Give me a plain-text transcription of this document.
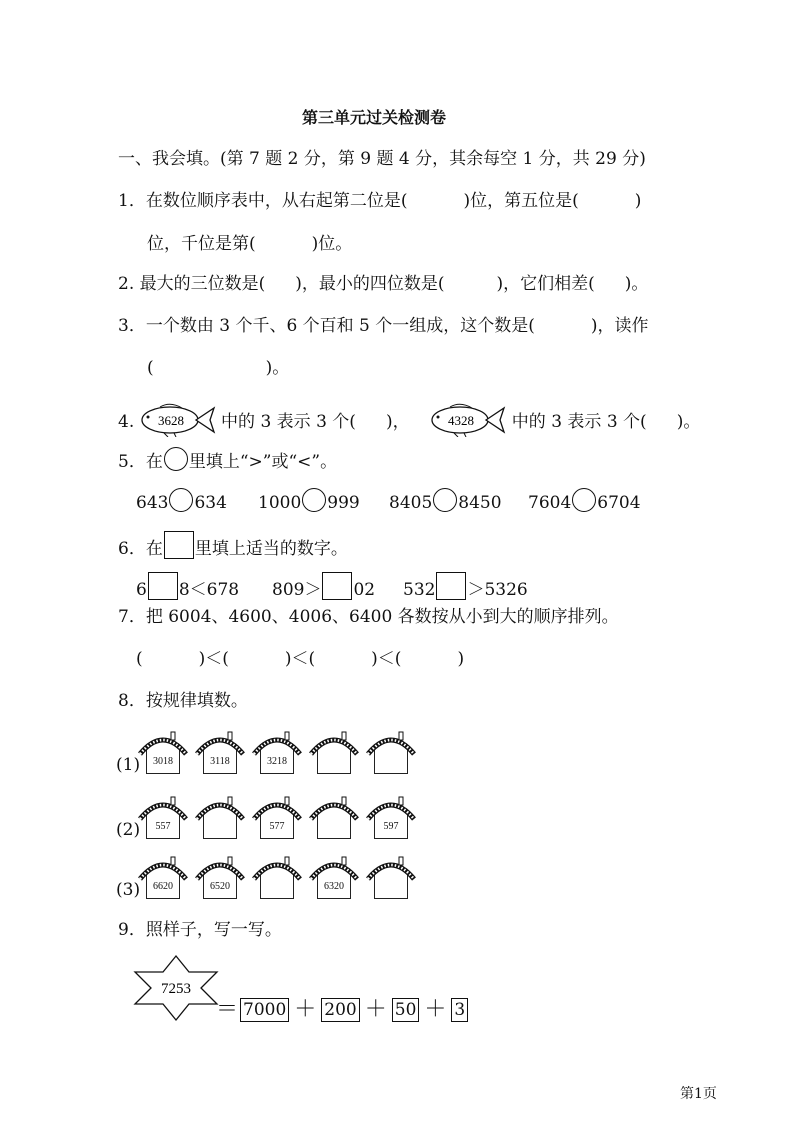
第三单元过关检测卷
一、我会填。(第 7 题 2 分，第 9 题 4 分，其余每空 1 分，共 29 分)
1．在数位顺序表中，从右起第二位是(	)位，第五位是(	)
位，千位是第(	)位。
2. 最大的三位数是( )，最小的四位数是(	)，它们相差( )。
3．一个数由 3 个千、6 个百和 5 个一组成，这个数是(	)，读作
(	)。
4. 3628 中的 3 表示 3 个( )，	4328 中的 3 表示 3 个( )。
5．在 里填上“>”或“<”。
643 634 1000 999 8405 8450 7604 6704
6．在 里填上适当的数字。
6 8＜678 809＞ 02 532 ＞5326
7．把 6004、4600、4006、6400 各数按从小到大的顺序排列。
(	)＜(	)＜(	)＜(	)
8．按规律填数。
(1)	3018	3118	3218
(2)	557	577	597
(3)	6620	6520	6320
9．照样子，写一写。
7253
＝ 7000 ＋ 200 ＋ 50 ＋ 3
第1页
